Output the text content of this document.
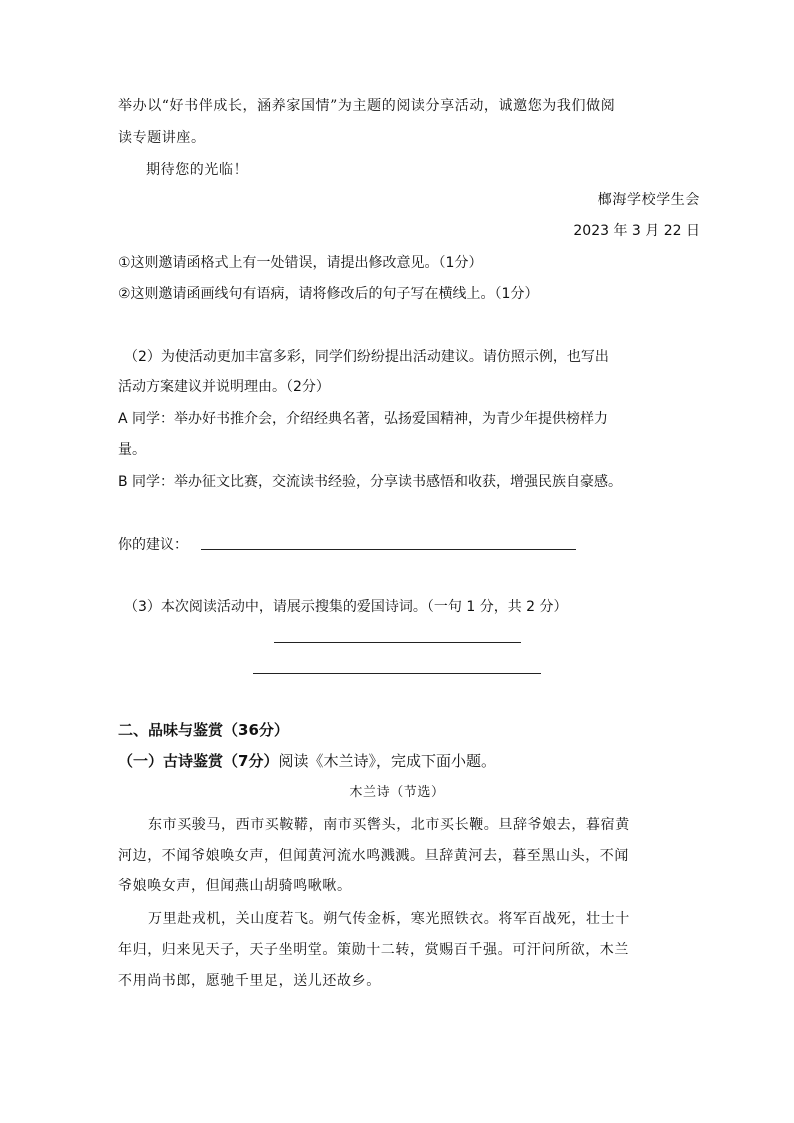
举办以“好书伴成长，涵养家国情”为主题的阅读分享活动，诚邀您为我们做阅
读专题讲座。
期待您的光临！
榔海学校学生会
2023 年 3 月 22 日
①这则邀请函格式上有一处错误，请提出修改意见。（1分）
②这则邀请函画线句有语病，请将修改后的句子写在横线上。（1分）
（2）为使活动更加丰富多彩，同学们纷纷提出活动建议。请仿照示例，也写出
活动方案建议并说明理由。（2分）
A 同学：举办好书推介会，介绍经典名著，弘扬爱国精神，为青少年提供榜样力
量。
B 同学：举办征文比赛，交流读书经验，分享读书感悟和收获，增强民族自豪感。
你的建议：
（3）本次阅读活动中，请展示搜集的爱国诗词。（一句 1 分，共 2 分）
二、品味与鉴赏（36分）
（一）古诗鉴赏（7分）阅读《木兰诗》，完成下面小题。
木兰诗（节选）
东市买骏马，西市买鞍鞯，南市买辔头，北市买长鞭。旦辞爷娘去，暮宿黄
河边，不闻爷娘唤女声，但闻黄河流水鸣溅溅。旦辞黄河去，暮至黑山头，不闻
爷娘唤女声，但闻燕山胡骑鸣啾啾。
万里赴戎机，关山度若飞。朔气传金柝，寒光照铁衣。将军百战死，壮士十
年归，归来见天子，天子坐明堂。策勋十二转，赏赐百千强。可汗问所欲，木兰
不用尚书郎，愿驰千里足，送儿还故乡。
